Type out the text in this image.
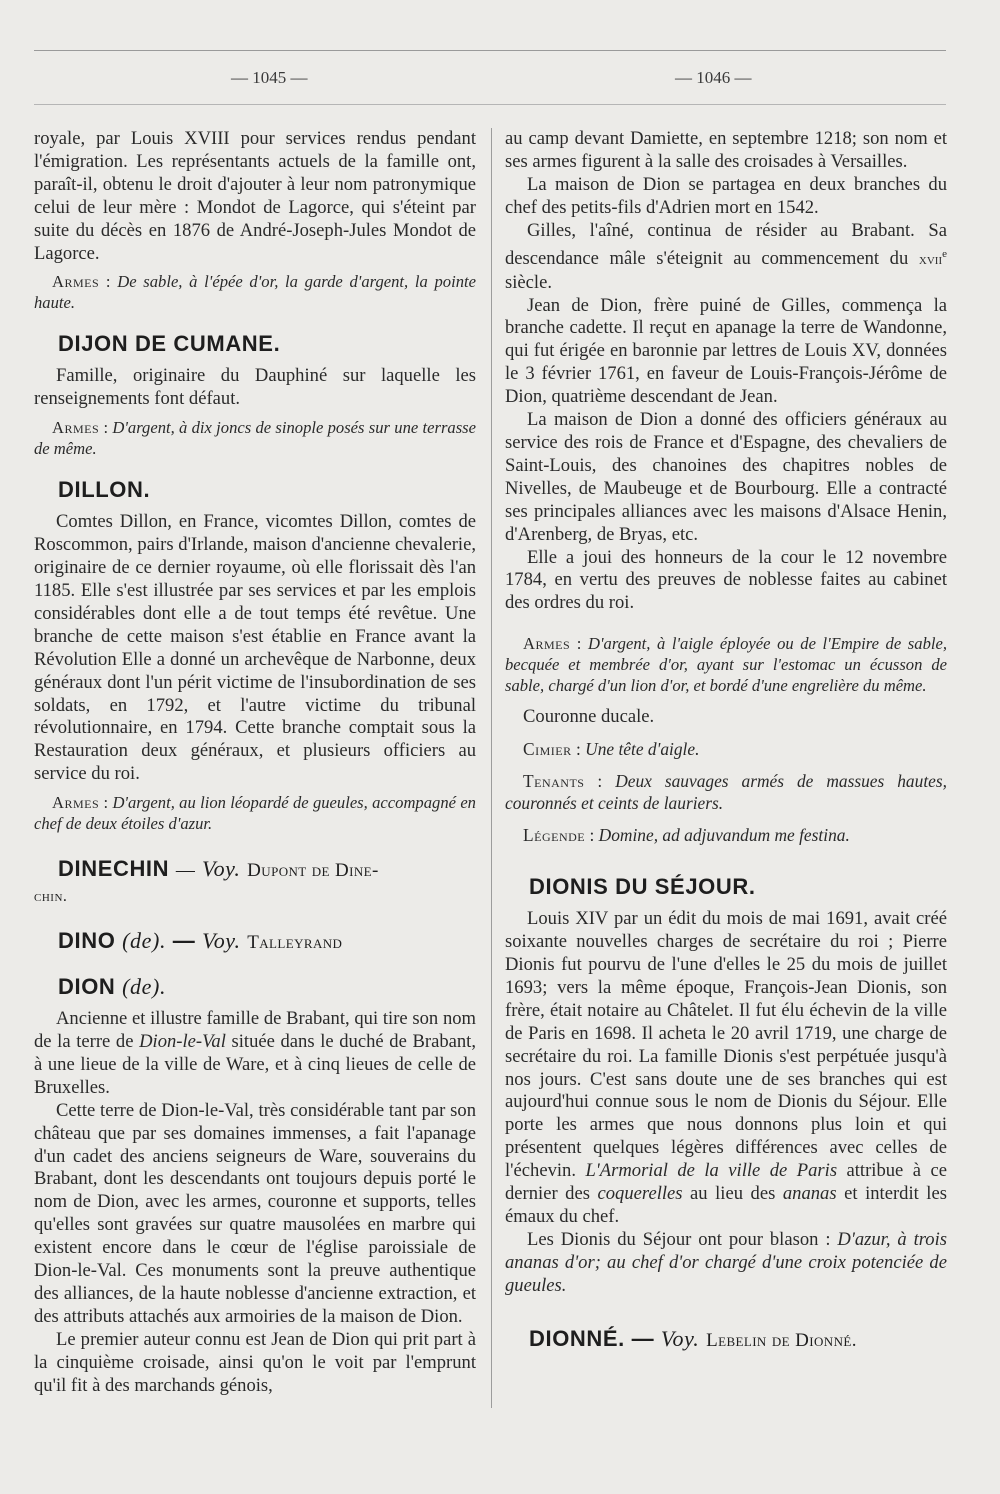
— 1045 —	— 1046 —

royale, par Louis XVIII pour services rendus pendant l'émigration. Les représentants actuels de la famille ont, paraît-il, obtenu le droit d'ajouter à leur nom patronymique celui de leur mère : Mondot de Lagorce, qui s'éteint par suite du décès en 1876 de André-Joseph-Jules Mondot de Lagorce.

Armes : De sable, à l'épée d'or, la garde d'argent, la pointe haute.

DIJON DE CUMANE.

Famille, originaire du Dauphiné sur laquelle les renseignements font défaut.

Armes : D'argent, à dix joncs de sinople posés sur une terrasse de même.

DILLON.

Comtes Dillon, en France, vicomtes Dillon, comtes de Roscommon, pairs d'Irlande, maison d'ancienne chevalerie, originaire de ce dernier royaume, où elle florissait dès l'an 1185. Elle s'est illustrée par ses services et par les emplois considérables dont elle a de tout temps été revêtue. Une branche de cette maison s'est établie en France avant la Révolution Elle a donné un archevêque de Narbonne, deux généraux dont l'un périt victime de l'insubordination de ses soldats, en 1792, et l'autre victime du tribunal révolutionnaire, en 1794. Cette branche comptait sous la Restauration deux généraux, et plusieurs officiers au service du roi.

Armes : D'argent, au lion léopardé de gueules, accompagné en chef de deux étoiles d'azur.

DINECHIN — Voy. Dupont de Dine-
chin.
DINO (de). — Voy. Talleyrand
DION (de).

Ancienne et illustre famille de Brabant, qui tire son nom de la terre de Dion-le-Val située dans le duché de Brabant, à une lieue de la ville de Ware, et à cinq lieues de celle de Bruxelles.

Cette terre de Dion-le-Val, très considérable tant par son château que par ses domaines immenses, a fait l'apanage d'un cadet des anciens seigneurs de Ware, souverains du Brabant, dont les descendants ont toujours depuis porté le nom de Dion, avec les armes, couronne et supports, telles qu'elles sont gravées sur quatre mausolées en marbre qui existent encore dans le cœur de l'église paroissiale de Dion-le-Val. Ces monuments sont la preuve authentique des alliances, de la haute noblesse d'ancienne extraction, et des attributs attachés aux armoiries de la maison de Dion.

Le premier auteur connu est Jean de Dion qui prit part à la cinquième croisade, ainsi qu'on le voit par l'emprunt qu'il fit à des marchands génois,

au camp devant Damiette, en septembre 1218; son nom et ses armes figurent à la salle des croisades à Versailles.

La maison de Dion se partagea en deux branches du chef des petits-fils d'Adrien mort en 1542.

Gilles, l'aîné, continua de résider au Brabant. Sa descendance mâle s'éteignit au commencement du xvii$^e$ siècle.

Jean de Dion, frère puiné de Gilles, commença la branche cadette. Il reçut en apanage la terre de Wandonne, qui fut érigée en baronnie par lettres de Louis XV, données le 3 février 1761, en faveur de Louis-François-Jérôme de Dion, quatrième descendant de Jean.

La maison de Dion a donné des officiers généraux au service des rois de France et d'Espagne, des chevaliers de Saint-Louis, des chanoines des chapitres nobles de Nivelles, de Maubeuge et de Bourbourg. Elle a contracté ses principales alliances avec les maisons d'Alsace Henin, d'Arenberg, de Bryas, etc.

Elle a joui des honneurs de la cour le 12 novembre 1784, en vertu des preuves de noblesse faites au cabinet des ordres du roi.

Armes : D'argent, à l'aigle éployée ou de l'Empire de sable, becquée et membrée d'or, ayant sur l'estomac un écusson de sable, chargé d'un lion d'or, et bordé d'une engrelière du même.

Couronne ducale.

Cimier : Une tête d'aigle.

Tenants : Deux sauvages armés de massues hautes, couronnés et ceints de lauriers.

Légende : Domine, ad adjuvandum me festina.

DIONIS DU SÉJOUR.

Louis XIV par un édit du mois de mai 1691, avait créé soixante nouvelles charges de secrétaire du roi ; Pierre Dionis fut pourvu de l'une d'elles le 25 du mois de juillet 1693; vers la même époque, François-Jean Dionis, son frère, était notaire au Châtelet. Il fut élu échevin de la ville de Paris en 1698. Il acheta le 20 avril 1719, une charge de secrétaire du roi. La famille Dionis s'est perpétuée jusqu'à nos jours. C'est sans doute une de ses branches qui est aujourd'hui connue sous le nom de Dionis du Séjour. Elle porte les armes que nous donnons plus loin et qui présentent quelques légères différences avec celles de l'échevin. L'Armorial de la ville de Paris attribue à ce dernier des coquerelles au lieu des ananas et interdit les émaux du chef.

Les Dionis du Séjour ont pour blason : D'azur, à trois ananas d'or; au chef d'or chargé d'une croix potenciée de gueules.

DIONNÉ. — Voy. Lebelin de Dionné.
